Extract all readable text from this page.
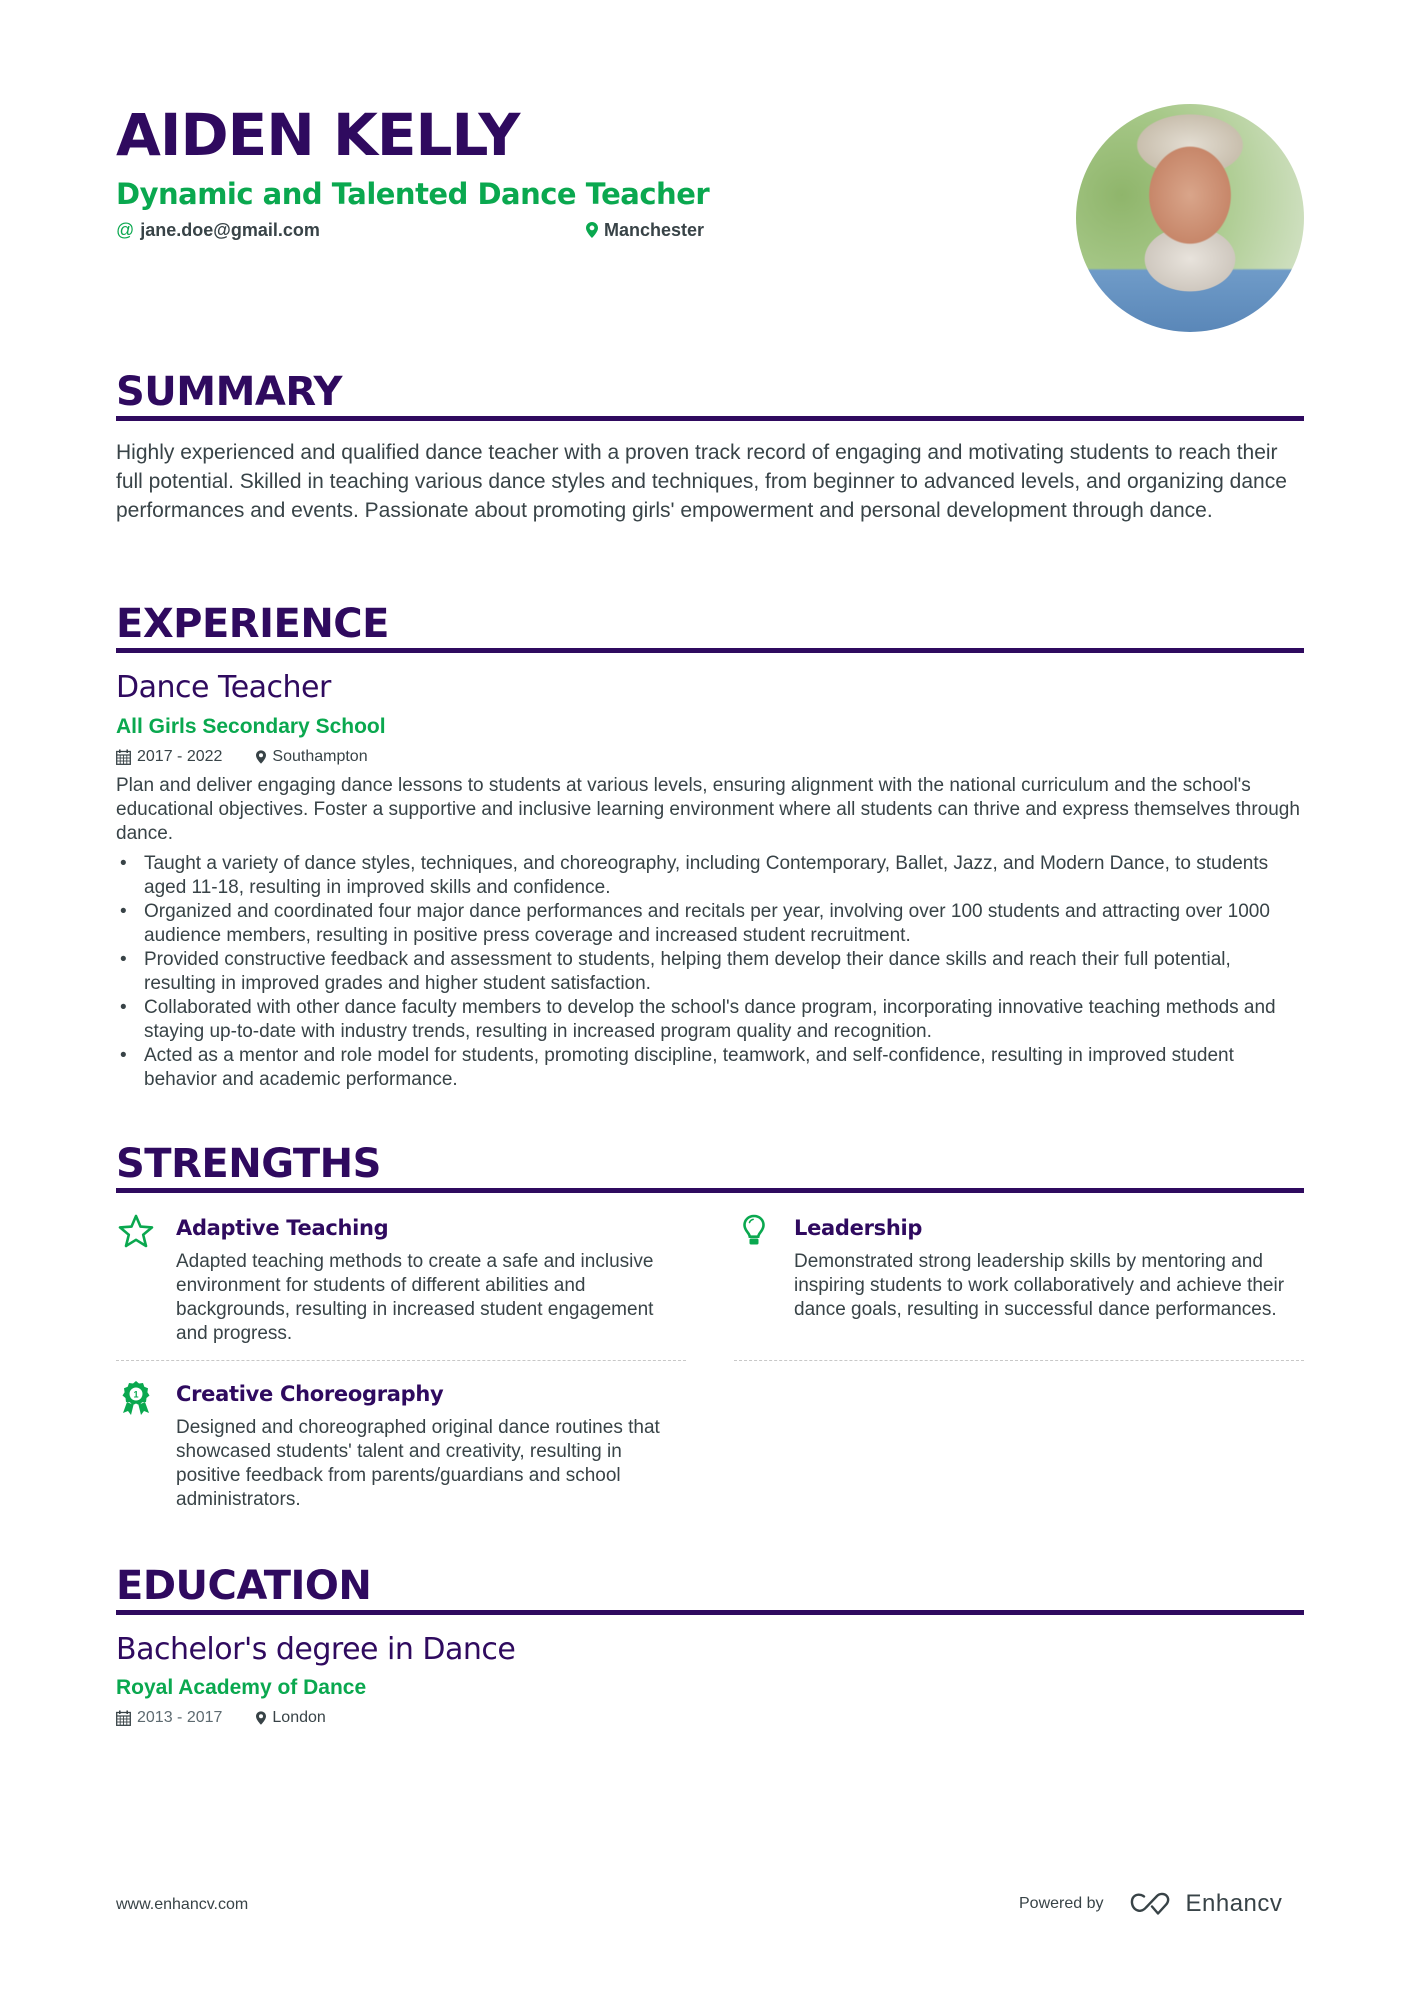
AIDEN KELLY
Dynamic and Talented Dance Teacher
@ jane.doe@gmail.com	Manchester
SUMMARY
Highly experienced and qualified dance teacher with a proven track record of engaging and motivating students to reach their full potential. Skilled in teaching various dance styles and techniques, from beginner to advanced levels, and organizing dance performances and events. Passionate about promoting girls' empowerment and personal development through dance.
EXPERIENCE
Dance Teacher
All Girls Secondary School
2017 - 2022	Southampton
Plan and deliver engaging dance lessons to students at various levels, ensuring alignment with the national curriculum and the school's educational objectives. Foster a supportive and inclusive learning environment where all students can thrive and express themselves through dance.
• Taught a variety of dance styles, techniques, and choreography, including Contemporary, Ballet, Jazz, and Modern Dance, to students aged 11-18, resulting in improved skills and confidence.
• Organized and coordinated four major dance performances and recitals per year, involving over 100 students and attracting over 1000 audience members, resulting in positive press coverage and increased student recruitment.
• Provided constructive feedback and assessment to students, helping them develop their dance skills and reach their full potential, resulting in improved grades and higher student satisfaction.
• Collaborated with other dance faculty members to develop the school's dance program, incorporating innovative teaching methods and staying up-to-date with industry trends, resulting in increased program quality and recognition.
• Acted as a mentor and role model for students, promoting discipline, teamwork, and self-confidence, resulting in improved student behavior and academic performance.
STRENGTHS
Adaptive Teaching
Adapted teaching methods to create a safe and inclusive environment for students of different abilities and backgrounds, resulting in increased student engagement and progress.
Leadership
Demonstrated strong leadership skills by mentoring and inspiring students to work collaboratively and achieve their dance goals, resulting in successful dance performances.
1 Creative Choreography
Designed and choreographed original dance routines that showcased students' talent and creativity, resulting in positive feedback from parents/guardians and school administrators.
EDUCATION
Bachelor's degree in Dance
Royal Academy of Dance
2013 - 2017	London
www.enhancv.com	Powered by	Enhancv
